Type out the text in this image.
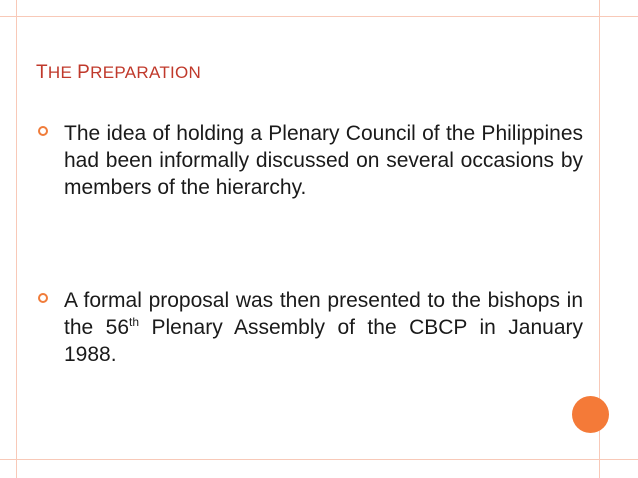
THE PREPARATION
The idea of holding a Plenary Council of the Philippines had been informally discussed on several occasions by members of the hierarchy.
A formal proposal was then presented to the bishops in the 56th Plenary Assembly of the CBCP in January 1988.
